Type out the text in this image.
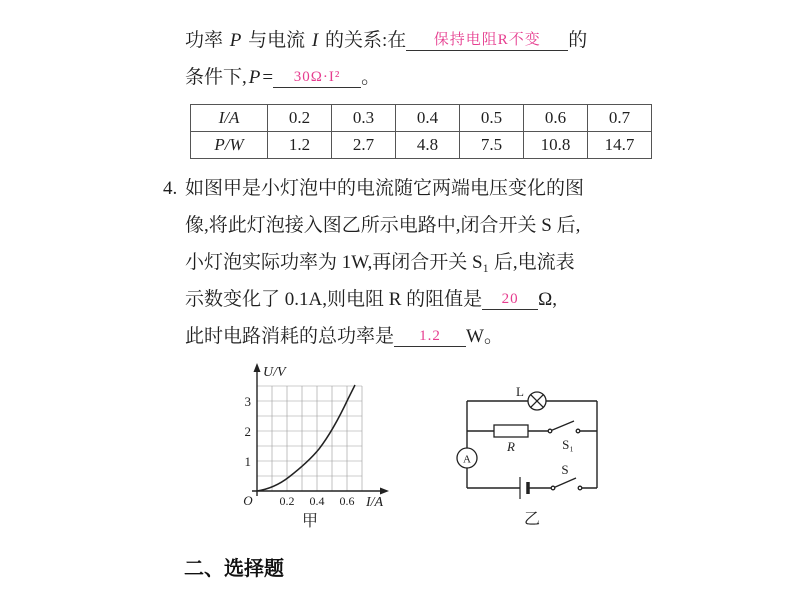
功率 P 与电流 I 的关系:在 保持电阻R不变 的
条件下, P = 30Ω·I² 。
I/A	0.2	0.3	0.4	0.5	0.6	0.7
P/W	1.2	2.7	4.8	7.5	10.8	14.7
4. 如图甲是小灯泡中的电流随它两端电压变化的图
像,将此灯泡接入图乙所示电路中,闭合开关 S 后,
小灯泡实际功率为 1W,再闭合开关 S₁ 后,电流表
示数变化了 0.1A,则电阻 R 的阻值是 20 Ω,
此时电路消耗的总功率是 1.2 W。
U/V
I/A
3
2
1
O 0.2 0.4 0.6
甲
A
L
R	S₁
S
乙
二、选择题
